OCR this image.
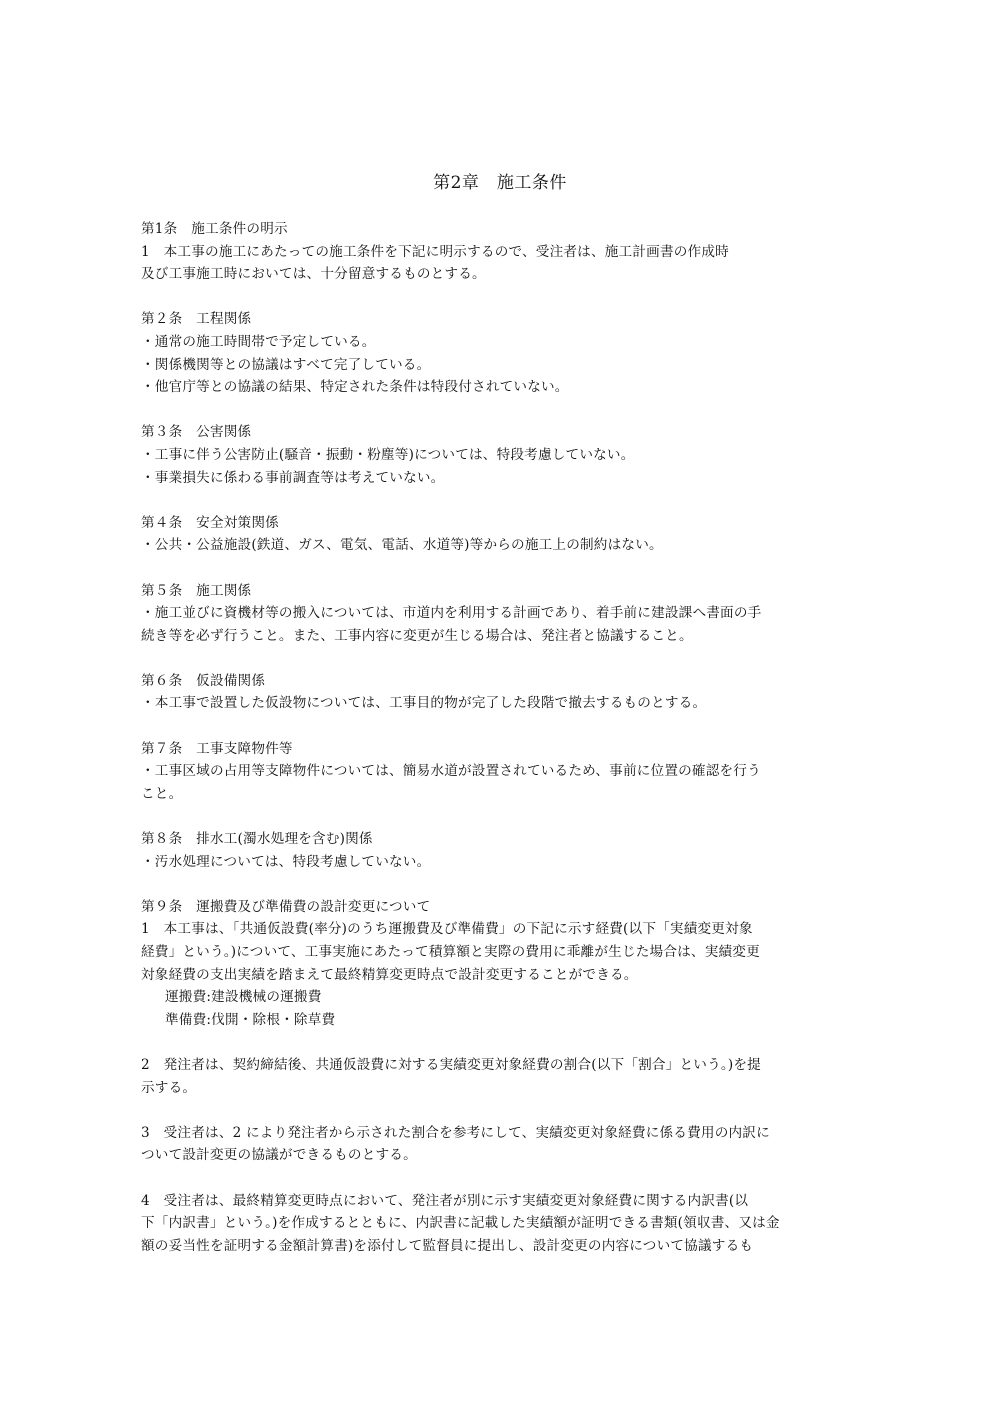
第2章　施工条件
第1条　施工条件の明示
1　本工事の施工にあたっての施工条件を下記に明示するので、受注者は、施工計画書の作成時
及び工事施工時においては、十分留意するものとする。
第２条　工程関係
・通常の施工時間帯で予定している。
・関係機関等との協議はすべて完了している。
・他官庁等との協議の結果、特定された条件は特段付されていない。
第３条　公害関係
・工事に伴う公害防止(騒音・振動・粉塵等)については、特段考慮していない。
・事業損失に係わる事前調査等は考えていない。
第４条　安全対策関係
・公共・公益施設(鉄道、ガス、電気、電話、水道等)等からの施工上の制約はない。
第５条　施工関係
・施工並びに資機材等の搬入については、市道内を利用する計画であり、着手前に建設課へ書面の手
続き等を必ず行うこと。また、工事内容に変更が生じる場合は、発注者と協議すること。
第６条　仮設備関係
・本工事で設置した仮設物については、工事目的物が完了した段階で撤去するものとする。
第７条　工事支障物件等
・工事区域の占用等支障物件については、簡易水道が設置されているため、事前に位置の確認を行う
こと。
第８条　排水工(濁水処理を含む)関係
・汚水処理については、特段考慮していない。
第９条　運搬費及び準備費の設計変更について
1　本工事は、「共通仮設費(率分)のうち運搬費及び準備費」の下記に示す経費(以下「実績変更対象
経費」という。)について、工事実施にあたって積算額と実際の費用に乖離が生じた場合は、実績変更
対象経費の支出実績を踏まえて最終精算変更時点で設計変更することができる。
運搬費:建設機械の運搬費
準備費:伐開・除根・除草費
2　発注者は、契約締結後、共通仮設費に対する実績変更対象経費の割合(以下「割合」という。)を提
示する。
3　受注者は、2 により発注者から示された割合を参考にして、実績変更対象経費に係る費用の内訳に
ついて設計変更の協議ができるものとする。
4　受注者は、最終精算変更時点において、発注者が別に示す実績変更対象経費に関する内訳書(以
下「内訳書」という。)を作成するとともに、内訳書に記載した実績額が証明できる書類(領収書、又は金
額の妥当性を証明する金額計算書)を添付して監督員に提出し、設計変更の内容について協議するも
